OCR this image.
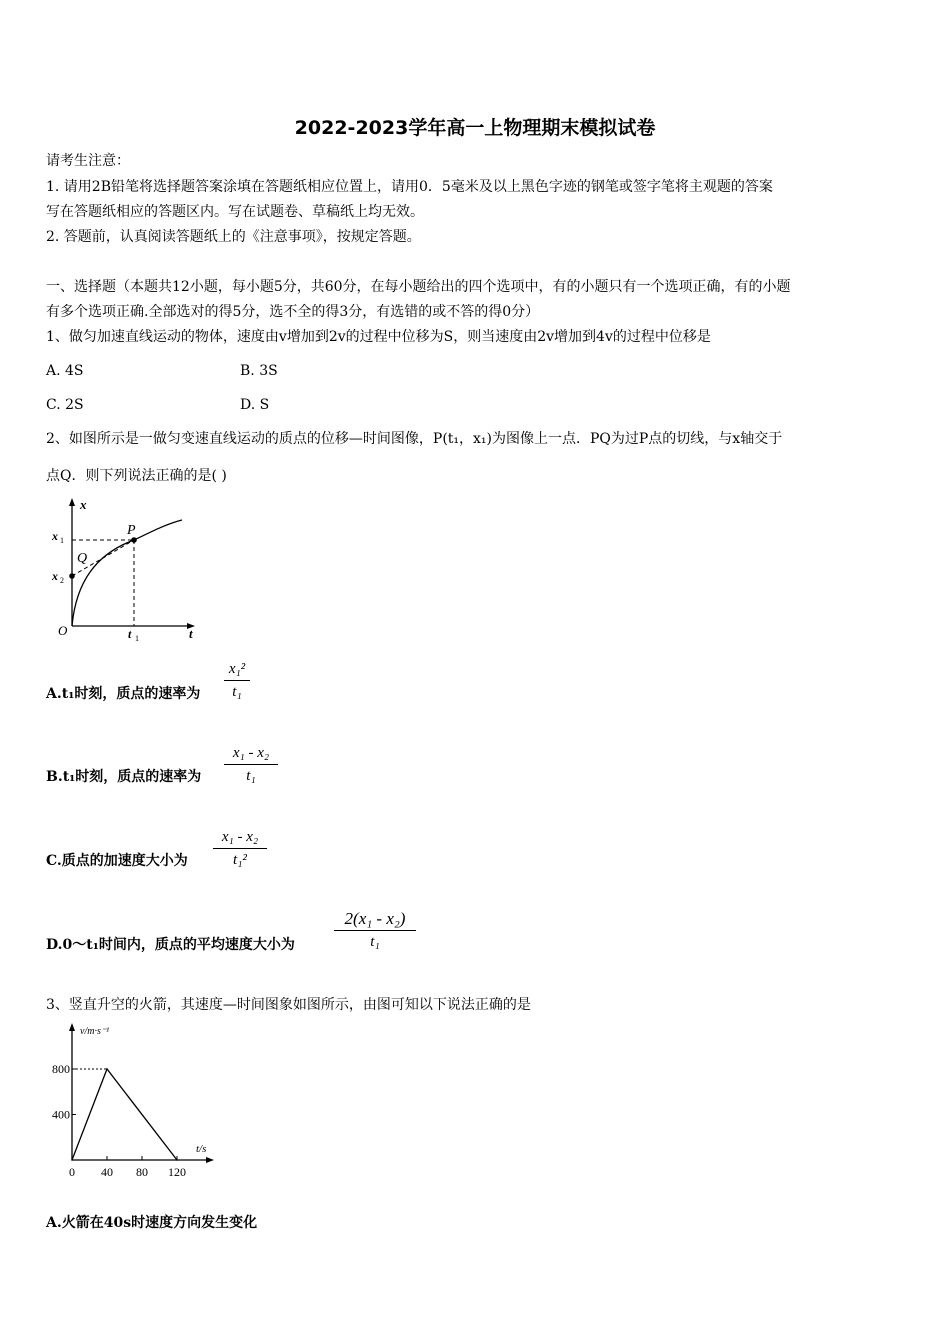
2022-2023学年高一上物理期末模拟试卷
请考生注意：
1. 请用2B铅笔将选择题答案涂填在答题纸相应位置上，请用0．5毫米及以上黑色字迹的钢笔或签字笔将主观题的答案
写在答题纸相应的答题区内。写在试题卷、草稿纸上均无效。
2. 答题前，认真阅读答题纸上的《注意事项》，按规定答题。
一、选择题（本题共12小题，每小题5分，共60分，在每小题给出的四个选项中，有的小题只有一个选项正确，有的小题
有多个选项正确.全部选对的得5分，选不全的得3分，有选错的或不答的得0分）
1、做匀加速直线运动的物体，速度由v增加到2v的过程中位移为S，则当速度由2v增加到4v的过程中位移是
A. 4S	B. 3S
C. 2S	D. S
2、如图所示是一做匀变速直线运动的质点的位移—时间图像，P(t₁，x₁)为图像上一点．PQ为过P点的切线，与x轴交于
点Q．则下列说法正确的是( )
x
t
O
P
Q
x 1
x 2
t 1
A.t₁时刻，质点的速率为
x₁²
t₁
B.t₁时刻，质点的速率为
x₁ - x₂
t₁
C.质点的加速度大小为
x₁ - x₂
t₁²
D.0～t₁时间内，质点的平均速度大小为
2(x₁ - x₂)
t₁
3、竖直升空的火箭，其速度—时间图象如图所示，由图可知以下说法正确的是
0 40 80 120
400
800
v/m·s⁻¹
t/s
A.火箭在40s时速度方向发生变化
